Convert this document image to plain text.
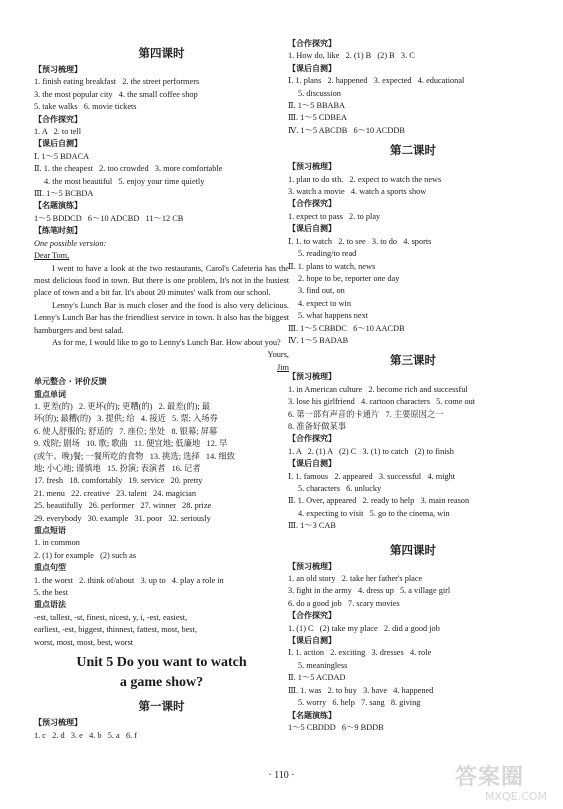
第四课时
【预习梳理】
1. finish eating breakfast   2. the street performers
3. the most popular city   4. the small coffee shop
5. take walks   6. movie tickets
【合作探究】
1. A   2. to tell
【课后自测】
Ⅰ. 1～5 BDACA
Ⅱ. 1. the cheapest   2. too crowded   3. more comfortable
4. the most beautiful   5. enjoy your time quietly
Ⅲ. 1～5 BCBDA
【名题演练】
1～5 BDDCD   6～10 ADCBD   11～12 CB
【练笔时刻】
One possible version:
Dear Tom,
I went to have a look at the two restaurants, Carol's Cafeteria has the most delicious food in town. But there is one problem, It's not in the busiest place of town and a bit far. It's about 20 minutes' walk from our school.
Lenny's Lunch Bar is much closer and the food is also very delicious. Lenny's Lunch Bar has the friendliest service in town. It also has the biggest hamburgers and best salad.
As for me, I would like to go to Lenny's Lunch Bar. How about you?
Yours,
Jim
单元整合 · 评价反馈
重点单词
1. 更差(的)   2. 更坏(的); 更糟(的)   2. 最差(的); 最
坏(的); 最糟(的)   3. 提供; 给   4. 接近   5. 票; 入场券
6. 使人舒服的; 舒适的   7. 座位; 坐处   8. 银幕; 屏幕
9. 戏院; 剧场   10. 歌; 歌曲   11. 便宜地; 低廉地   12. 早
(或午、晚)餐; 一餐所吃的食物   13. 挑选; 选择   14. 细致
地; 小心地; 谨慎地   15. 扮演; 表演者   16. 记者
17. fresh   18. comfortably   19. service   20. pretty
21. menu   22. creative   23. talent   24. magician
25. beautifully   26. performer   27. winner   28. prize
29. everybody   30. example   31. poor   32. seriously
重点短语
1. in common
2. (1) for example   (2) such as
重点句型
1. the worst   2. think of/about   3. up to   4. play a role in
5. the best
重点语法
-est, tallest, -st, finest, nicest, y, i, -est, easiest,
earliest, -est, biggest, thinnest, fattest, most, best,
worst, most, most, best, worst
Unit 5 Do you want to watch
a game show?
第一课时
【预习梳理】
1. c   2. d   3. e   4. b   5. a   6. f
【合作探究】
1. How do, like   2. (1) B   (2) B   3. C
【课后自测】
Ⅰ. 1. plans   2. happened   3. expected   4. educational
5. discussion
Ⅱ. 1～5 BBABA
Ⅲ. 1～5 CDBEA
Ⅳ. 1～5 ABCDB   6～10 ACDDB
第二课时
【预习梳理】
1. plan to do sth.   2. expect to watch the news
3. watch a movie   4. watch a sports show
【合作探究】
1. expect to pass   2. to play
【课后自测】
Ⅰ. 1. to watch   2. to see   3. to do   4. sports
5. reading/to read
Ⅱ. 1. plans to watch, news
2. hope to be, reporter one day
3. find out, on
4. expect to win
5. what happens next
Ⅲ. 1～5 CBBDC   6～10 AACDB
Ⅳ. 1～5 BADAB
第三课时
【预习梳理】
1. in American culture   2. become rich and successful
3. lose his girlfriend   4. cartoon characters   5. come out
6. 第一部有声音的卡通片   7. 主要原因之一
8. 准备好做某事
【合作探究】
1. A   2. (1) A   (2) C   3. (1) to catch   (2) to finish
【课后自测】
Ⅰ. 1. famous   2. appeared   3. successful   4. might
5. characters   6. unlucky
Ⅱ. 1. Over, appeared   2. ready to help   3. main reason
4. expecting to visit   5. go to the cinema, win
Ⅲ. 1～3 CAB
第四课时
【预习梳理】
1. an old story   2. take her father's place
3. fight in the army   4. dress up   5. a village girl
6. do a good job   7. scary movies
【合作探究】
1. (1) C   (2) take my place   2. did a good job
【课后自测】
Ⅰ. 1. action   2. exciting   3. dresses   4. role
5. meaningless
Ⅱ. 1～5 ACDAD
Ⅲ. 1. was   2. to buy   3. have   4. happened
5. worry   6. help   7. sang   8. giving
【名题演练】
1～5 CBDDD   6～9 BDDB
· 110 ·	答案圈
MXQE.COM
